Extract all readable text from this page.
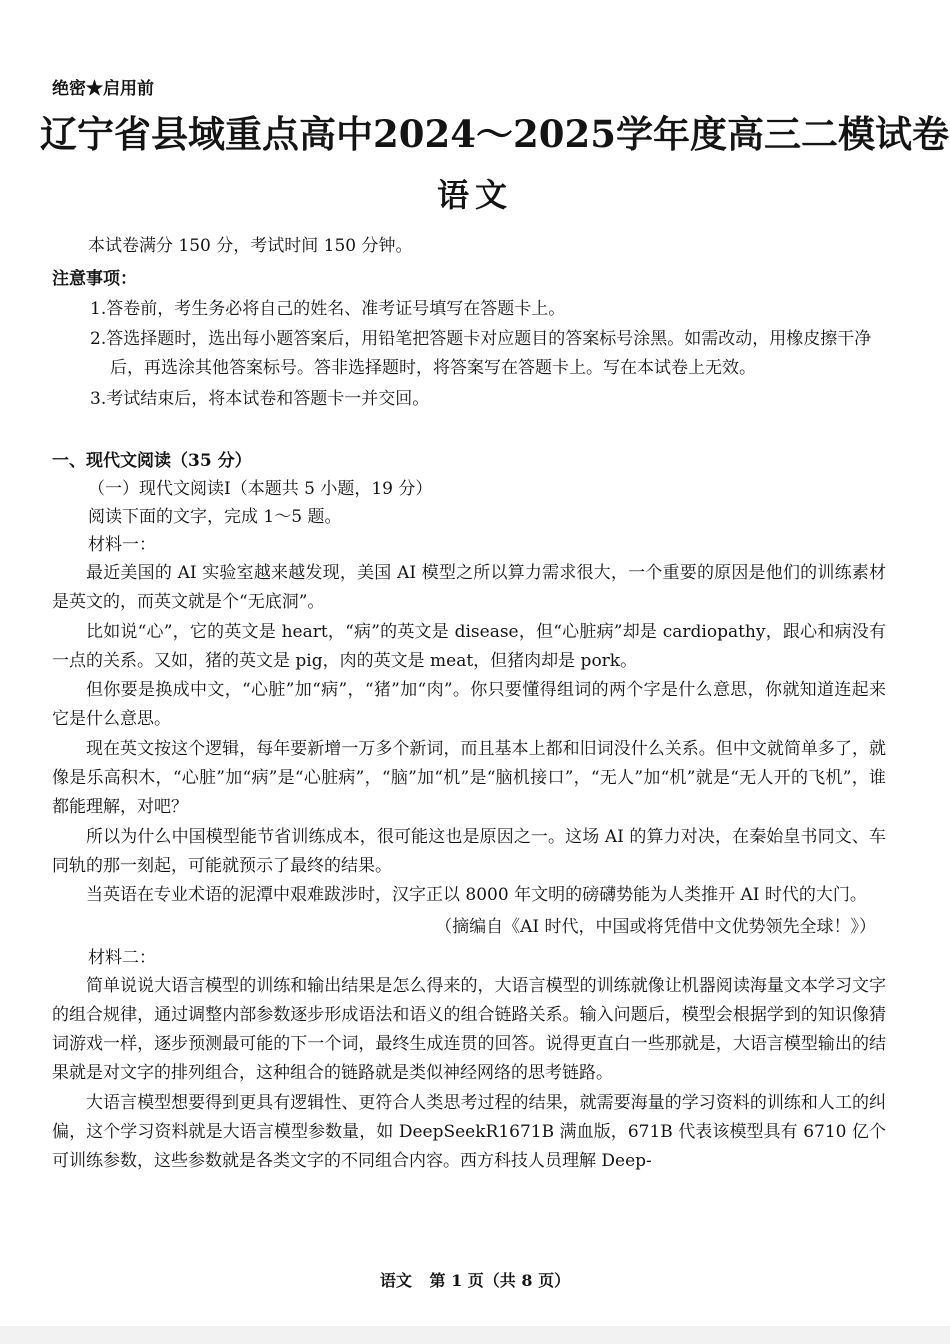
绝密★启用前
辽宁省县域重点高中2024～2025学年度高三二模试卷
语文

本试卷满分 150 分，考试时间 150 分钟。

注意事项：

1.答卷前，考生务必将自己的姓名、准考证号填写在答题卡上。

2.答选择题时，选出每小题答案后，用铅笔把答题卡对应题目的答案标号涂黑。如需改动，用橡皮擦干净后，再选涂其他答案标号。答非选择题时，将答案写在答题卡上。写在本试卷上无效。

3.考试结束后，将本试卷和答题卡一并交回。

一、现代文阅读（35 分）

（一）现代文阅读Ⅰ（本题共 5 小题，19 分）

阅读下面的文字，完成 1～5 题。

材料一：

最近美国的 AI 实验室越来越发现，美国 AI 模型之所以算力需求很大，一个重要的原因是他们的训练素材是英文的，而英文就是个“无底洞”。

比如说“心”，它的英文是 heart，“病”的英文是 disease，但“心脏病”却是 cardiopathy，跟心和病没有一点的关系。又如，猪的英文是 pig，肉的英文是 meat，但猪肉却是 pork。

但你要是换成中文，“心脏”加“病”，“猪”加“肉”。你只要懂得组词的两个字是什么意思，你就知道连起来它是什么意思。

现在英文按这个逻辑，每年要新增一万多个新词，而且基本上都和旧词没什么关系。但中文就简单多了，就像是乐高积木，“心脏”加“病”是“心脏病”，“脑”加“机”是“脑机接口”，“无人”加“机”就是“无人开的飞机”，谁都能理解，对吧？

所以为什么中国模型能节省训练成本，很可能这也是原因之一。这场 AI 的算力对决，在秦始皇书同文、车同轨的那一刻起，可能就预示了最终的结果。

当英语在专业术语的泥潭中艰难跋涉时，汉字正以 8000 年文明的磅礴势能为人类推开 AI 时代的大门。

（摘编自《AI 时代，中国或将凭借中文优势领先全球！》）

材料二：

简单说说大语言模型的训练和输出结果是怎么得来的，大语言模型的训练就像让机器阅读海量文本学习文字的组合规律，通过调整内部参数逐步形成语法和语义的组合链路关系。输入问题后，模型会根据学到的知识像猜词游戏一样，逐步预测最可能的下一个词，最终生成连贯的回答。说得更直白一些那就是，大语言模型输出的结果就是对文字的排列组合，这种组合的链路就是类似神经网络的思考链路。

大语言模型想要得到更具有逻辑性、更符合人类思考过程的结果，就需要海量的学习资料的训练和人工的纠偏，这个学习资料就是大语言模型参数量，如 DeepSeekR1671B 满血版，671B 代表该模型具有 6710 亿个可训练参数，这些参数就是各类文字的不同组合内容。西方科技人员理解 Deep-

语文 第 1 页（共 8 页）
